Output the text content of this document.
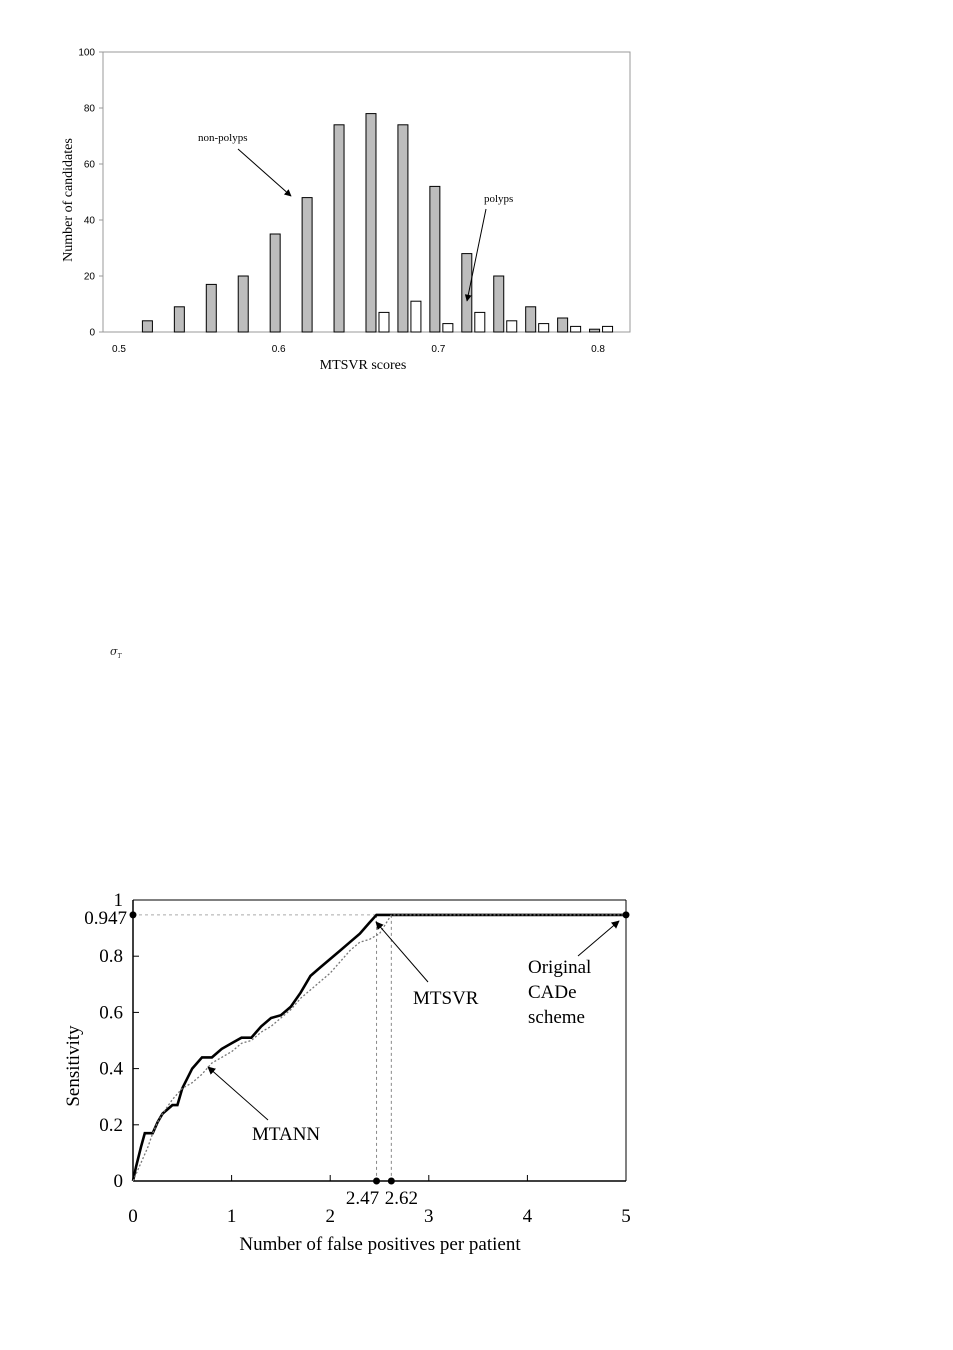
0
20
40
60
80
100
0.5	0.6	0.7	0.8
MTSVR scores
Number of candidates
non-polyps
polyps
$\sigma_T$
0
0.2
0.4
0.6
0.8
1
0.947
0	1	2	3	4	5
2.47 2.62
Number of false positives per patient
Sensitivity
MTSVR
MTANN
Original
CADe
scheme
